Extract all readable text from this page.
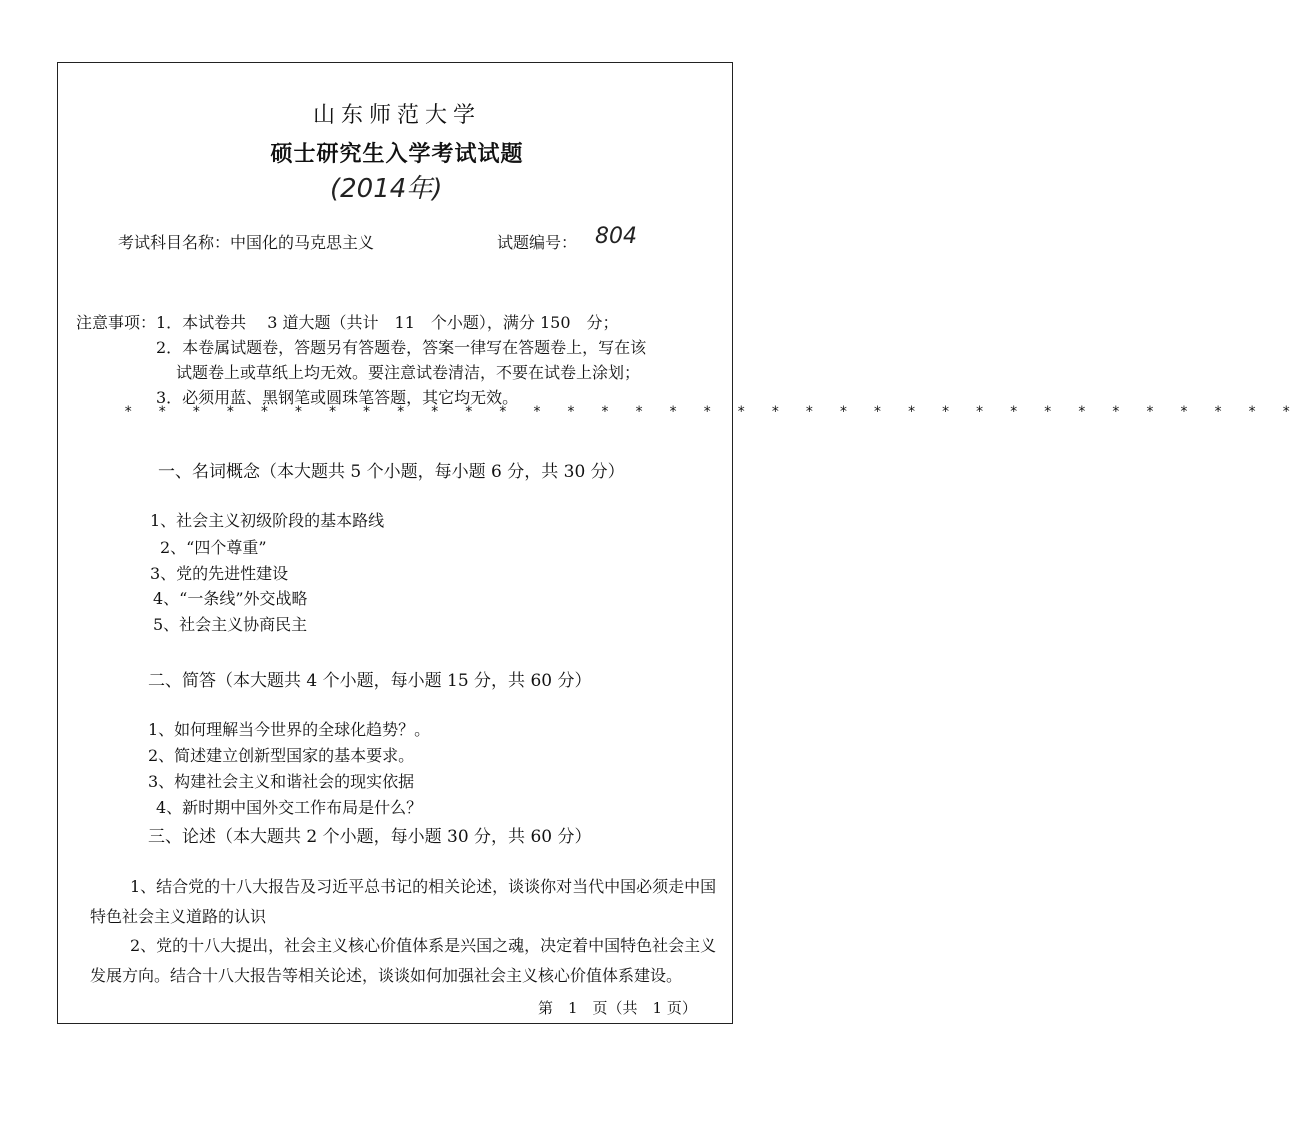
山东师范大学
硕士研究生入学考试试题
(2014年)
考试科目名称：中国化的马克思主义	试题编号： 804
注意事项：1．本试卷共　 3 道大题（共计　11　个小题），满分 150　分；
2．本卷属试题卷，答题另有答题卷，答案一律写在答题卷上，写在该
试题卷上或草纸上均无效。要注意试卷清洁，不要在试卷上涂划；
3．必须用蓝、黑钢笔或圆珠笔答题，其它均无效。
* * * * * * * * * * * * * * * * * * * * * * * * * * * * * * * * * * *
一、名词概念（本大题共 5 个小题，每小题 6 分，共 30 分）
1、社会主义初级阶段的基本路线
2、“四个尊重”
3、党的先进性建设
4、“一条线”外交战略
5、社会主义协商民主
二、简答（本大题共 4 个小题，每小题 15 分，共 60 分）
1、如何理解当今世界的全球化趋势？。
2、简述建立创新型国家的基本要求。
3、构建社会主义和谐社会的现实依据
4、新时期中国外交工作布局是什么？
三、论述（本大题共 2 个小题，每小题 30 分，共 60 分）
1、结合党的十八大报告及习近平总书记的相关论述，谈谈你对当代中国必须走中国特色社会主义道路的认识
2、党的十八大提出，社会主义核心价值体系是兴国之魂，决定着中国特色社会主义发展方向。结合十八大报告等相关论述，谈谈如何加强社会主义核心价值体系建设。
第　1　页（共　1 页）
